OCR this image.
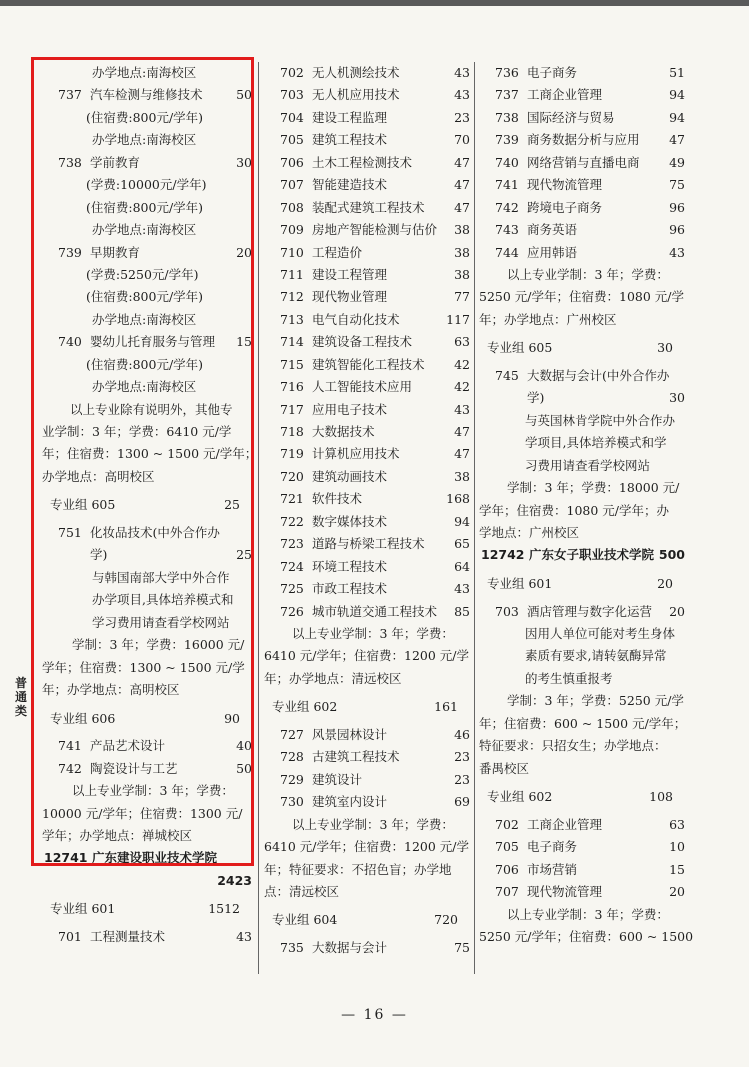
办学地点:南海校区
737 汽车检测与维修技术	50
(住宿费:800元/学年)
办学地点:南海校区
738 学前教育	30
(学费:10000元/学年)
(住宿费:800元/学年)
办学地点:南海校区
739 早期教育	20
(学费:5250元/学年)
(住宿费:800元/学年)
办学地点:南海校区
740 婴幼儿托育服务与管理 15
(住宿费:800元/学年)
办学地点:南海校区
以上专业除有说明外，其他专
业学制：3 年；学费：6410 元/学
年；住宿费：1300 ~ 1500 元/学年；
办学地点：高明校区
专业组 605	25
751 化妆品技术(中外合作办
学)	25
与韩国南部大学中外合作
办学项目,具体培养模式和
学习费用请查看学校网站
学制：3 年；学费：16000 元/
学年；住宿费：1300 ~ 1500 元/学
年；办学地点：高明校区
专业组 606	90
741 产品艺术设计	40
742 陶瓷设计与工艺	50
以上专业学制：3 年；学费：
10000 元/学年；住宿费：1300 元/
学年；办学地点：禅城校区
12741 广东建设职业技术学院
2423
专业组 601	1512
701 工程测量技术	43
702 无人机测绘技术	43
703 无人机应用技术	43
704 建设工程监理	23
705 建筑工程技术	70
706 土木工程检测技术	47
707 智能建造技术	47
708 装配式建筑工程技术 47
709 房地产智能检测与估价 38
710 工程造价	38
711 建设工程管理	38
712 现代物业管理	77
713 电气自动化技术	117
714 建筑设备工程技术	63
715 建筑智能化工程技术 42
716 人工智能技术应用	42
717 应用电子技术	43
718 大数据技术	47
719 计算机应用技术	47
720 建筑动画技术	38
721 软件技术	168
722 数字媒体技术	94
723 道路与桥梁工程技术 65
724 环境工程技术	64
725 市政工程技术	43
726 城市轨道交通工程技术 85
以上专业学制：3 年；学费：
6410 元/学年；住宿费：1200 元/学
年；办学地点：清远校区
专业组 602	161
727 风景园林设计	46
728 古建筑工程技术	23
729 建筑设计	23
730 建筑室内设计	69
以上专业学制：3 年；学费：
6410 元/学年；住宿费：1200 元/学
年；特征要求：不招色盲；办学地
点：清远校区
专业组 604	720
735 大数据与会计	75
736 电子商务	51
737 工商企业管理	94
738 国际经济与贸易	94
739 商务数据分析与应用 47
740 网络营销与直播电商 49
741 现代物流管理	75
742 跨境电子商务	96
743 商务英语	96
744 应用韩语	43
以上专业学制：3 年；学费：
5250 元/学年；住宿费：1080 元/学
年；办学地点：广州校区
专业组 605	30
745 大数据与会计(中外合作办
学)	30
与英国林肯学院中外合作办
学项目,具体培养模式和学
习费用请查看学校网站
学制：3 年；学费：18000 元/
学年；住宿费：1080 元/学年；办
学地点：广州校区
12742 广东女子职业技术学院 500
专业组 601	20
703 酒店管理与数字化运营 20
因用人单位可能对考生身体
素质有要求,请转氨酶异常
的考生慎重报考
学制：3 年；学费：5250 元/学
年；住宿费：600 ~ 1500 元/学年；
特征要求：只招女生；办学地点：
番禺校区
专业组 602	108
702 工商企业管理	63
705 电子商务	10
706 市场营销	15
707 现代物流管理	20
以上专业学制：3 年；学费：
5250 元/学年；住宿费：600 ~ 1500
普通类
— 16 —
